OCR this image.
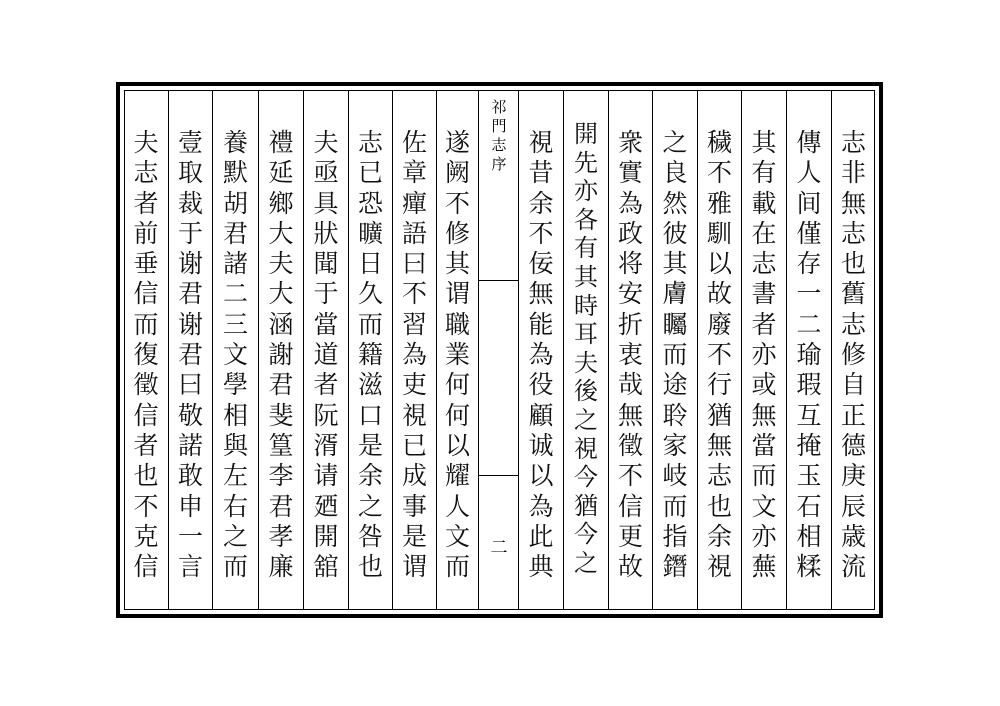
祁
門
志
序
二
夫
志
者
前
垂
信
而
復
徵
信
者
也
不
克
信
壹
取
裁
于
谢
君
谢
君
曰
敬
諾
敢
申
一
言
養
默
胡
君
諸
二
三
文
學
相
與
左
右
之
而
禮
延
鄉
大
夫
大
涵
謝
君
斐
篁
李
君
孝
廉
夫
亟
具
狀
聞
于
當
道
者
阮
湑
请
廼
開
舘
志
已
恐
曠
日
久
而
籍
滋
口
是
余
之
咎
也
佐
章
癉
語
曰
不
習
為
吏
視
已
成
事
是
谓
遂
阙
不
修
其
谓
職
業
何
何
以
耀
人
文
而
視
昔
余
不
佞
無
能
為
役
顧
诚
以
為
此
典
開
先
亦
各
有
其
時
耳
夫
後
之
視
今
猶
今
之
衆
實
為
政
将
安
折
衷
哉
無
徵
不
信
更
故
之
良
然
彼
其
膚
矚
而
途
聆
家
岐
而
指
鐕
穢
不
雅
馴
以
故
廢
不
行
猶
無
志
也
余
視
其
有
載
在
志
書
者
亦
或
無
當
而
文
亦
蕪
傳
人
间
僅
存
一
二
瑜
瑕
互
掩
玉
石
相
糅
志
非
無
志
也
舊
志
修
自
正
德
庚
辰
歳
流
